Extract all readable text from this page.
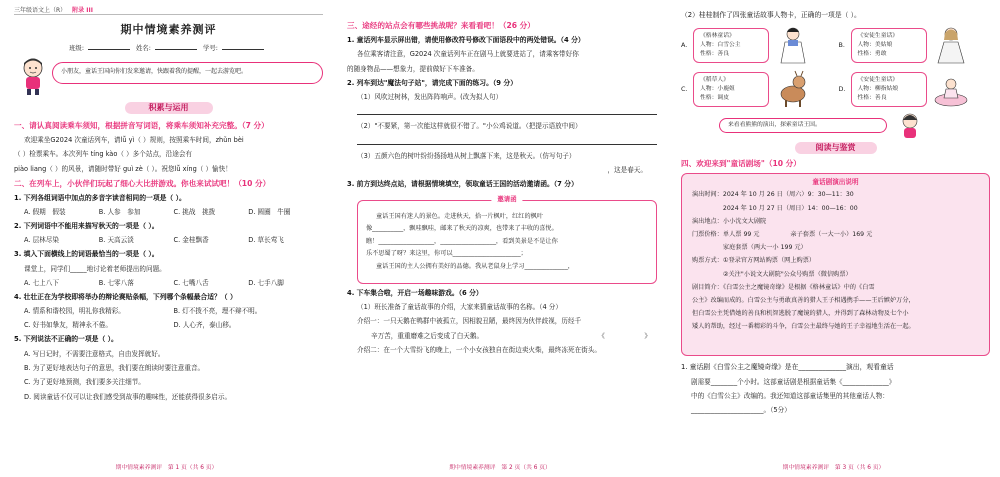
三年级语文上（R） 附录 III
期中情境素养测评
班级:	姓名:	学号:
小朋友，童话王国向你们发来邀请，快跟着我的提醒，一起去游览吧。
积累与运用
一、请认真阅读乘车须知，根据拼音写词语，将乘车须知补充完整。（7 分）
欢迎乘坐G2024 次童话列车，请lǚ yì（ ）规则，按照乘车时间，zhǔn bèi
（ ）检票乘车。本次列车 tíng kào（ ）多个站点，沿途会有
piào liang（ ）的风景，请随时带好 guì zè（ ）。祝您lǚ xíng（ ）愉快！
二、在列车上，小伙伴们玩起了细心大比拼游戏。你也来试试吧！（10 分）
1. 下列各组词语中加点的多音字读音相同的一项是（ ）。
A. 假期　假装	B. 人参　参加	C. 挑战　挑拨	D. 圆圈　牛圈
2. 下列词语中不能用来描写秋天的一项是（ ）。
A. 层林尽染	B. 天高云淡	C. 金桂飘香	D. 草长莺飞
3. 填入下面横线上的词语最恰当的一项是（ ）。
课堂上，同学们_____地讨论着老师提出的问题。
A. 七上八下	B. 七零八落	C. 七嘴八舌	D. 七手八脚
4. 壮壮正在为学校即将举办的辩论赛贴条幅，下列哪个条幅最合适？（ ）
A. 情系和谐校园，明礼你我精彩。	B. 灯不拨不亮，理不辩不明。
C. 好书如挚友，精神永不倦。	D. 人心齐，泰山移。
5. 下列说法不正确的一项是（ ）。
A. 写日记时，不需要注意格式，自由发挥就好。
B. 为了更好地表达句子的意思，我们要在朗读时要注意重音。
C. 为了更好地预测，我们要多关注细节。
D. 阅读童话不仅可以让我们感受到故事的趣味性，还能获得很多启示。
期中情境素养测评　第 1 页（共 6 页）
三、途经的站点会有哪些挑战呢？来看看吧！（26 分）
1. 童话列车显示屏出错，请使用修改符号修改下面语段中的两处错误。（4 分）
各位乘客请注意，G2024 次童话列车正在剧马上就要进站了，请乘客带好你
的随身物品——想象力，提前做好下车准备。
2. 列车到达"魔法句子站"，请完成下面的练习。（9 分）
（1）风吹过树林，发出阵阵响声。(改为拟人句）
（2）"不要紧，第一次能这样就很不错了。"小公鸡说道。（把提示语放中间）
（3）五颜六色的树叶纷纷扬扬地从树上飘落下来，这是秋天。（仿写句子）
，这是春天。
3. 前方到达终点站，请根据情境填空，领取童话王国的活动邀请函。（7 分）
邀请函
童话王国有迷人的景色。走进秋天，拾一片枫叶，红红的枫叶
像__________，飘哇飘哇，邮来了秋天的凉爽，也带来了丰收的喜悦。
瞧！__________________，__________________，看到美景是不是让你
乐不思蜀了呀？来这里，你可以______________________；
童话王国的主人公拥有美好的品德。我从老鼠身上学习______________，
4. 下车集合啦，开启一场趣味游戏。（6 分）
（1）班长准备了童话故事的介绍，大家来猜童话故事的名称。（4 分）
介绍一：一只天鹅在鸭群中被孤立，因相貌丑陋，最终因为伙伴歧视，历经千
辛万苦，重重磨难之后变成了白天鹅。	《　　　　　　》
介绍二：在一个大雪纷飞的晚上，一个小女孩独自在街边卖火柴，最终冻死在街头。
期中情境素养测评　第 2 页（共 6 页）
（2）桂桂制作了四张童话故事人物卡，正确的一项是（ ）。
A.
《格林童话》
人物：白雪公主
性格：善良
B.
《安徒生童话》
人物：美姑娘
性格：勇敢
C.
《稻草人》
人物：小鹿姐
性格：调皮
D.
《安徒生童话》
人物：柳指姑娘
性格：善良
来看看熊熊的演出，探索童话王国。
阅读与鉴赏
四、欢迎来到"童话剧场"（10 分）
童话剧演出说明
演出时间：2024 年 10 月 26 日（周六）9：30—11：30
　　　　　2024 年 10 月 27 日（周日）14：00—16：00
演出地点：小小沈文大剧院
门票价格：单人票 99 元　　　　　亲子套票（一大一小）169 元
　　　　　家庭套票（两大一小 199 元）
购票方式：①登录官方网站购票（网上购票）
　　　　　②关注"小说文大剧院"公众号购票（微信购票）
剧目简介：《白雪公主之魔镜奇缘》是根据《格林童话》中的《白雪
公主》改编而成的。白雪公主与勇敢真善的猎人王子相遇携手——王后嫉妒万分，
但白雪公主凭借她的善良和机智逃脱了魔镜的猎人，并得到了森林动物及七个小
矮人的帮助，经过一番精彩的斗争，白雪公主最终与她的王子幸福地生活在一起。
1. 童话剧《白雪公主之魔镜奇缘》是在______________演出，观看童话
剧需要________个小时。这部童话剧是根据童话集《______________》
中的《白雪公主》改编的。我还知道这部童话集里的其他童话人物：
______________________。（5分）
期中情境素养测评　第 3 页（共 6 页）
